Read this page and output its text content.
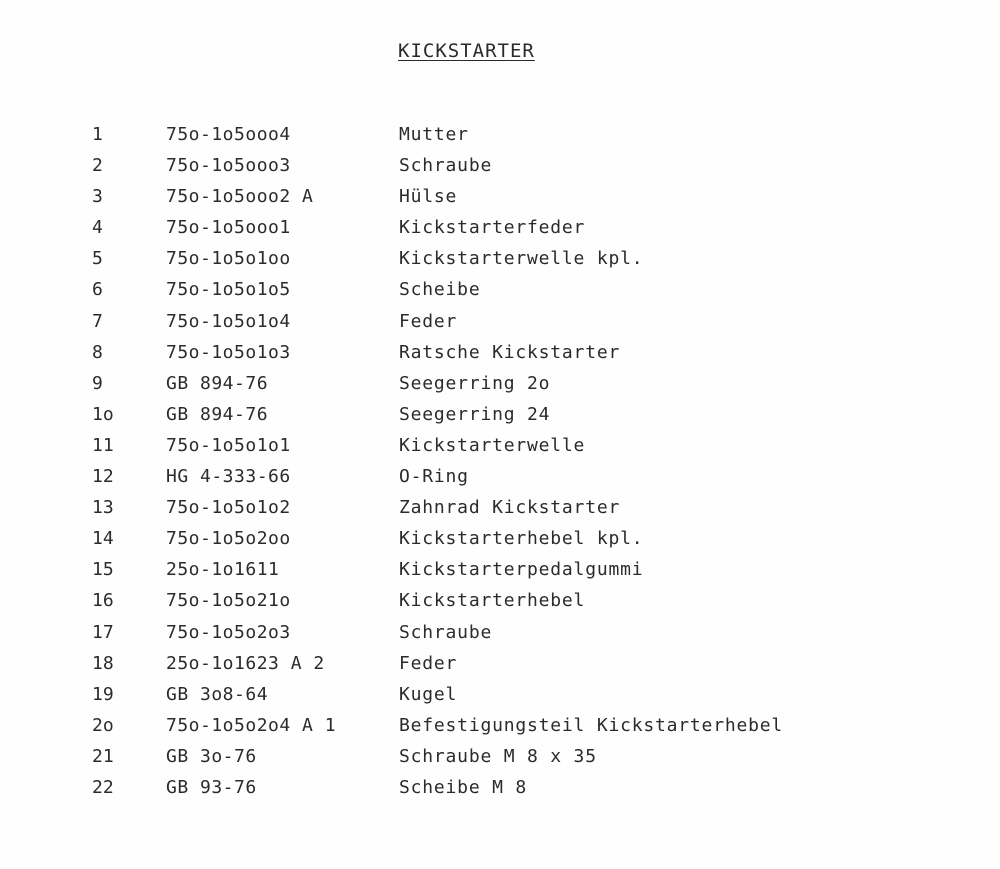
KICKSTARTER
1	75o-1o5ooo4	Mutter
2	75o-1o5ooo3	Schraube
3	75o-1o5ooo2 A	Hülse
4	75o-1o5ooo1	Kickstarterfeder
5	75o-1o5o1oo	Kickstarterwelle kpl.
6	75o-1o5o1o5	Scheibe
7	75o-1o5o1o4	Feder
8	75o-1o5o1o3	Ratsche Kickstarter
9	GB 894-76	Seegerring 2o
1o	GB 894-76	Seegerring 24
11	75o-1o5o1o1	Kickstarterwelle
12	HG 4-333-66	O-Ring
13	75o-1o5o1o2	Zahnrad Kickstarter
14	75o-1o5o2oo	Kickstarterhebel kpl.
15	25o-1o1611	Kickstarterpedalgummi
16	75o-1o5o21o	Kickstarterhebel
17	75o-1o5o2o3	Schraube
18	25o-1o1623 A 2	Feder
19	GB 3o8-64	Kugel
2o	75o-1o5o2o4 A 1	Befestigungsteil Kickstarterhebel
21	GB 3o-76	Schraube M 8 x 35
22	GB 93-76	Scheibe M 8
